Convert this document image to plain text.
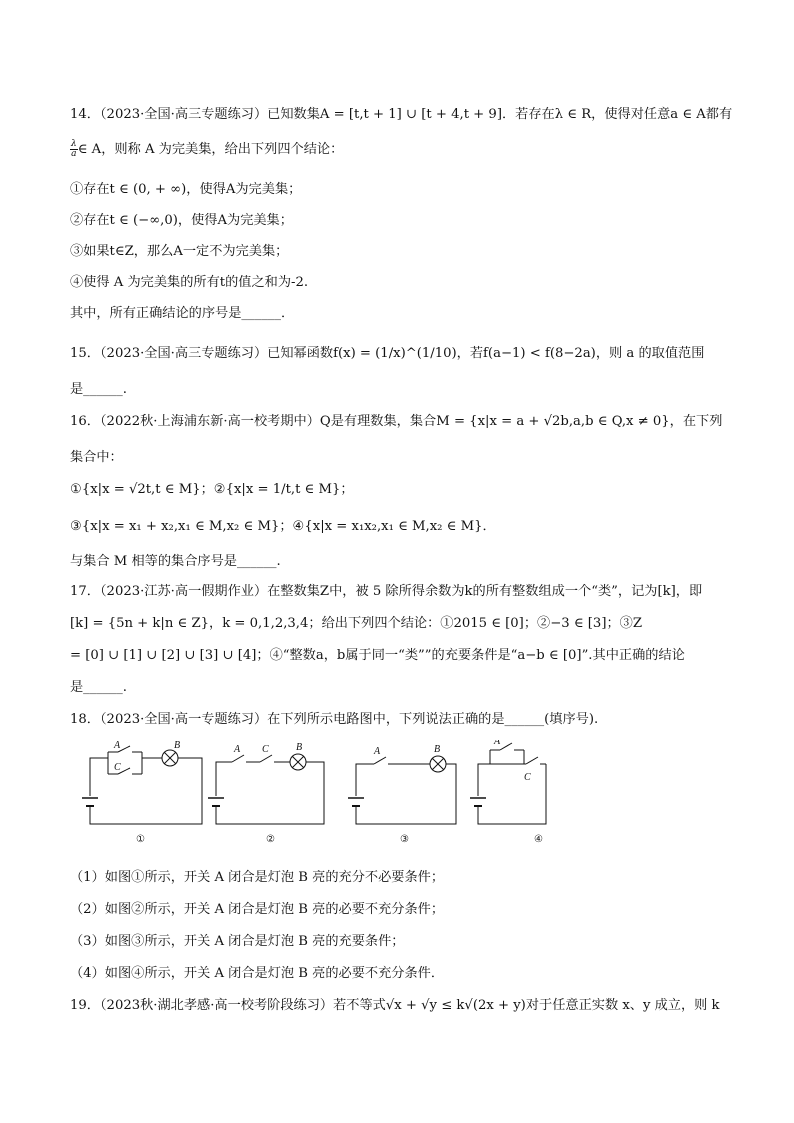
14．（2023·全国·高三专题练习）已知数集A = [t,t + 1] ∪ [t + 4,t + 9]．若存在λ ∈ R，使得对任意a ∈ A都有
$\frac{\lambda}{a}$ ∈ A，则称 A 为完美集，给出下列四个结论：
①存在t ∈ (0, + ∞)，使得A为完美集；
②存在t ∈ (−∞,0)，使得A为完美集；
③如果t∈Z，那么A一定不为完美集；
④使得 A 为完美集的所有t的值之和为-2.
其中，所有正确结论的序号是______．
15．（2023·全国·高三专题练习）已知幂函数f(x) = (1/x)^(1/10)，若f(a−1) < f(8−2a)，则 a 的取值范围
是______.
16．（2022秋·上海浦东新·高一校考期中）Q是有理数集，集合M = {x|x = a + √2b,a,b ∈ Q,x ≠ 0}，在下列
集合中：
①{x|x = √2t,t ∈ M}；②{x|x = 1/t,t ∈ M}；
③{x|x = x₁ + x₂,x₁ ∈ M,x₂ ∈ M}；④{x|x = x₁x₂,x₁ ∈ M,x₂ ∈ M}．
与集合 M 相等的集合序号是______.
17．（2023·江苏·高一假期作业）在整数集Z中，被 5 除所得余数为k的所有整数组成一个“类”，记为[k]，即
[k] = {5n + k|n ∈ Z}，k = 0,1,2,3,4；给出下列四个结论：①2015 ∈ [0]；②−3 ∈ [3]；③Z
= [0] ∪ [1] ∪ [2] ∪ [3] ∪ [4]；④“整数a，b属于同一“类””的充要条件是“a−b ∈ [0]”.其中正确的结论
是______.
18．（2023·全国·高一专题练习）在下列所示电路图中，下列说法正确的是______(填序号).
A
C
B
①
A C	B
②
A	B
③
A
C
④
（1）如图①所示，开关 A 闭合是灯泡 B 亮的充分不必要条件；
（2）如图②所示，开关 A 闭合是灯泡 B 亮的必要不充分条件；
（3）如图③所示，开关 A 闭合是灯泡 B 亮的充要条件；
（4）如图④所示，开关 A 闭合是灯泡 B 亮的必要不充分条件．
19．（2023秋·湖北孝感·高一校考阶段练习）若不等式√x + √y ≤ k√(2x + y)对于任意正实数 x、y 成立，则 k
